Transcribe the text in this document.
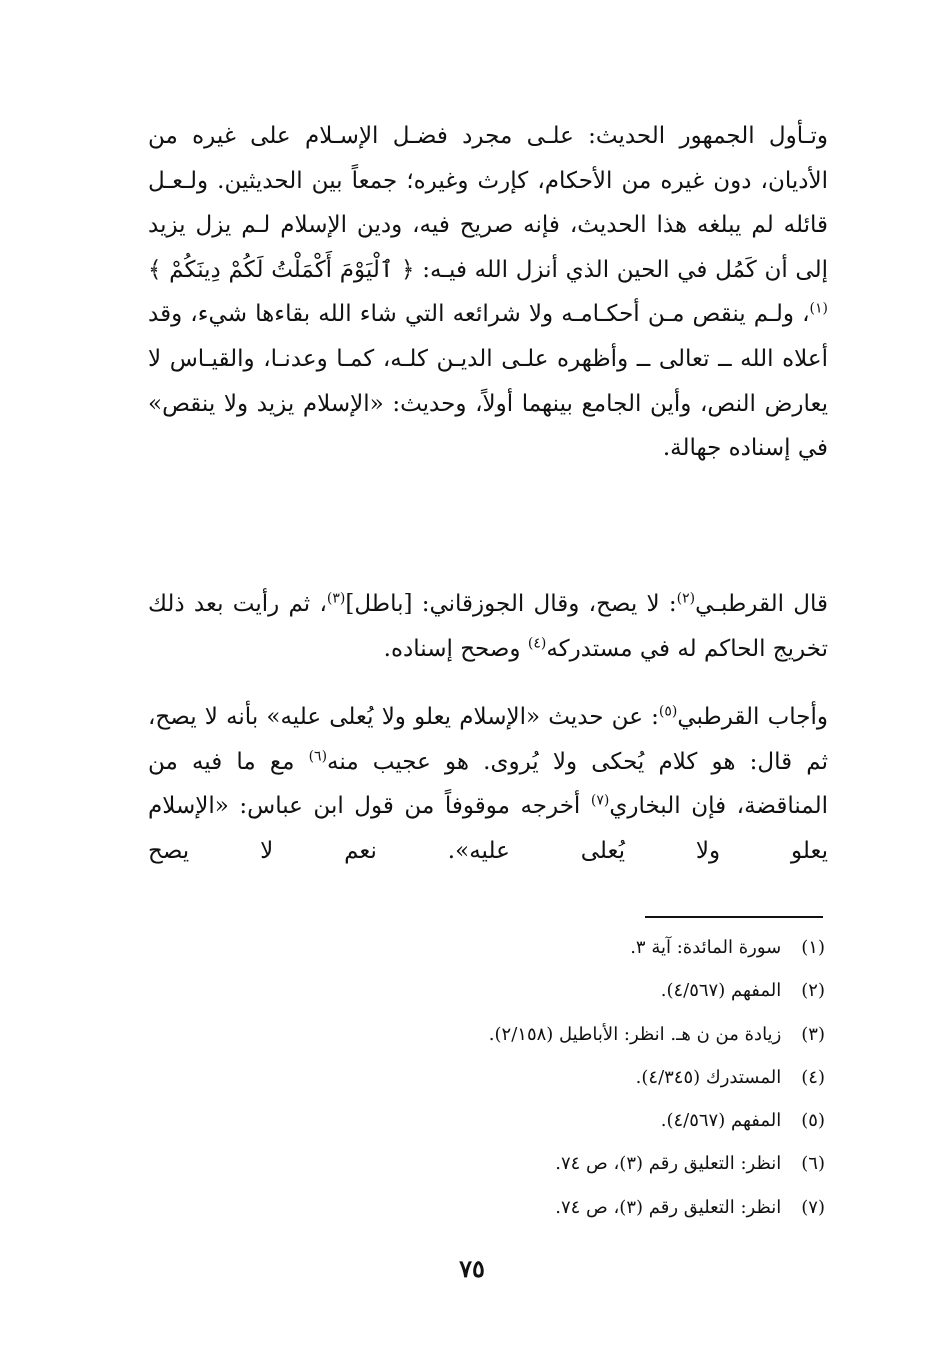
وتـأول الجمهور الحديث: علـى مجرد فضـل الإسـلام على غيره من الأديان، دون غيره من الأحكام، كإرث وغيره؛ جمعاً بين الحديثين. ولـعـل قائله لم يبلغه هذا الحديث، فإنه صريح فيه، ودين الإسلام لـم يزل يزيد إلى أن كَمُل في الحين الذي أنزل الله فيـه: ﴿ ٱلْيَوْمَ أَكْمَلْتُ لَكُمْ دِينَكُمْ ﴾$^{(١)}$، ولـم ينقص مـن أحكـامـه ولا شرائعه التي شاء الله بقاءها شيء، وقد أعلاه الله ــ تعالى ــ وأظهره علـى الديـن كلـه، كمـا وعدنـا، والقيـاس لا يعارض النص، وأين الجامع بينهما أولاً، وحديث: «الإسلام يزيد ولا ينقص» في إسناده جهالة.

قال القرطبـي$^{(٢)}$: لا يصح، وقال الجوزقاني: [باطل]$^{(٣)}$، ثم رأيت بعد ذلك تخريج الحاكم له في مستدركه$^{(٤)}$ وصحح إسناده.

وأجاب القرطبي$^{(٥)}$: عن حديث «الإسلام يعلو ولا يُعلى عليه» بأنه لا يصح، ثم قال: هو كلام يُحكى ولا يُروى. هو عجيب منه$^{(٦)}$ مع ما فيه من المناقضة، فإن البخاري$^{(٧)}$ أخرجه موقوفاً من قول ابن عباس: «الإسلام يعلو ولا يُعلى عليه». نعم لا يصح

(١) سورة المائدة: آية ٣.
(٢) المفهم (٤/٥٦٧).
(٣) زيادة من ن هـ. انظر: الأباطيل (٢/١٥٨).
(٤) المستدرك (٤/٣٤٥).
(٥) المفهم (٤/٥٦٧).
(٦) انظر: التعليق رقم (٣)، ص ٧٤.
(٧) انظر: التعليق رقم (٣)، ص ٧٤.
٧٥
